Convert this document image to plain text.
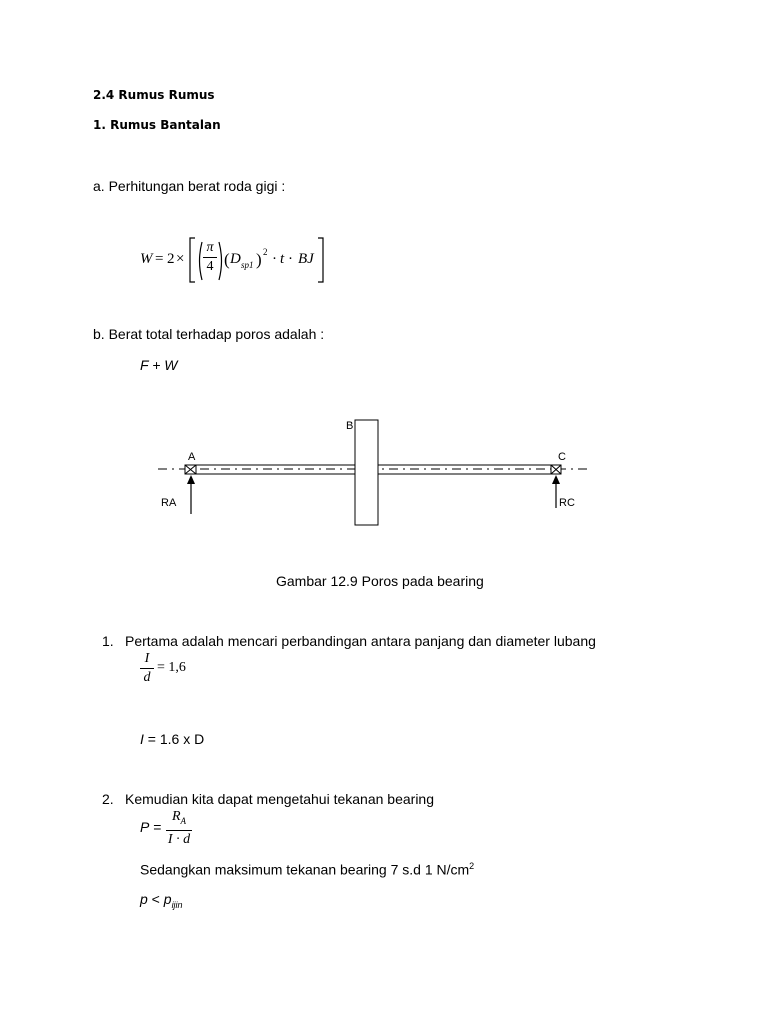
2.4 Rumus Rumus
1. Rumus Bantalan
a. Perhitungan berat roda gigi :
W = 2 ×
π
4 ( D sp1 ) 2 · t · BJ
b. Berat total terhadap poros adalah :
F + W
A
B
C
RA	RC
Gambar 12.9 Poros pada bearing
1. Pertama adalah mencari perbandingan antara panjang dan diameter lubang
I
d
= 1,6
I = 1.6 x D
2. Kemudian kita dapat mengetahui tekanan bearing
P =
$R_A$
I · d
Sedangkan maksimum tekanan bearing 7 s.d 1 $N/cm^2$
$p < p_{ijin}$
